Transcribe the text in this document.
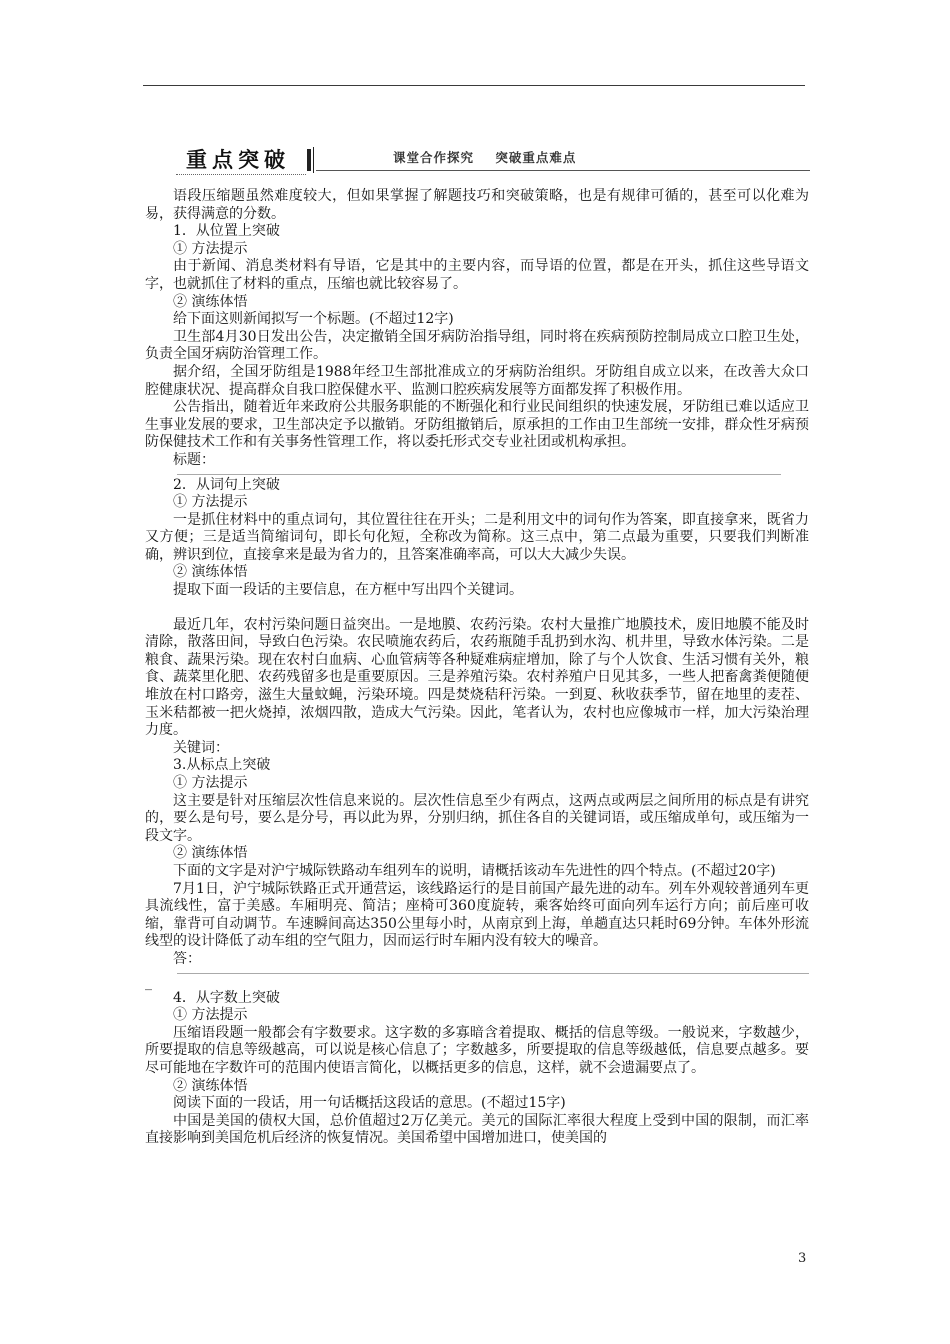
重点突破	课堂合作探究    突破重点难点

语段压缩题虽然难度较大，但如果掌握了解题技巧和突破策略，也是有规律可循的，甚至可以化难为易，获得满意的分数。

1．从位置上突破

① 方法提示

由于新闻、消息类材料有导语，它是其中的主要内容，而导语的位置，都是在开头，抓住这些导语文字，也就抓住了材料的重点，压缩也就比较容易了。

② 演练体悟

给下面这则新闻拟写一个标题。(不超过12字)

卫生部4月30日发出公告，决定撤销全国牙病防治指导组，同时将在疾病预防控制局成立口腔卫生处，负责全国牙病防治管理工作。

据介绍，全国牙防组是1988年经卫生部批准成立的牙病防治组织。牙防组自成立以来，在改善大众口腔健康状况、提高群众自我口腔保健水平、监测口腔疾病发展等方面都发挥了积极作用。

公告指出，随着近年来政府公共服务职能的不断强化和行业民间组织的快速发展，牙防组已难以适应卫生事业发展的要求，卫生部决定予以撤销。牙防组撤销后，原承担的工作由卫生部统一安排，群众性牙病预防保健技术工作和有关事务性管理工作，将以委托形式交专业社团或机构承担。

标题：

2．从词句上突破

① 方法提示

一是抓住材料中的重点词句，其位置往往在开头；二是利用文中的词句作为答案，即直接拿来，既省力又方便；三是适当简缩词句，即长句化短，全称改为简称。这三点中，第二点最为重要，只要我们判断准确，辨识到位，直接拿来是最为省力的，且答案准确率高，可以大大减少失误。

② 演练体悟

提取下面一段话的主要信息，在方框中写出四个关键词。

最近几年，农村污染问题日益突出。一是地膜、农药污染。农村大量推广地膜技术，废旧地膜不能及时清除，散落田间，导致白色污染。农民喷施农药后，农药瓶随手乱扔到水沟、机井里，导致水体污染。二是粮食、蔬果污染。现在农村白血病、心血管病等各种疑难病症增加，除了与个人饮食、生活习惯有关外，粮食、蔬菜里化肥、农药残留多也是重要原因。三是养殖污染。农村养殖户日见其多，一些人把畜禽粪便随便堆放在村口路旁，滋生大量蚊蝇，污染环境。四是焚烧秸秆污染。一到夏、秋收获季节，留在地里的麦茬、玉米秸都被一把火烧掉，浓烟四散，造成大气污染。因此，笔者认为，农村也应像城市一样，加大污染治理力度。

关键词：

3.从标点上突破

① 方法提示

这主要是针对压缩层次性信息来说的。层次性信息至少有两点，这两点或两层之间所用的标点是有讲究的，要么是句号，要么是分号，再以此为界，分别归纳，抓住各自的关键词语，或压缩成单句，或压缩为一段文字。

② 演练体悟

下面的文字是对沪宁城际铁路动车组列车的说明，请概括该动车先进性的四个特点。(不超过20字)

7月1日，沪宁城际铁路正式开通营运，该线路运行的是目前国产最先进的动车。列车外观较普通列车更具流线性，富于美感。车厢明亮、简洁；座椅可360度旋转，乘客始终可面向列车运行方向；前后座可收缩，靠背可自动调节。车速瞬间高达350公里每小时，从南京到上海，单趟直达只耗时69分钟。车体外形流线型的设计降低了动车组的空气阻力，因而运行时车厢内没有较大的噪音。

答：

_

4．从字数上突破

① 方法提示

压缩语段题一般都会有字数要求。这字数的多寡暗含着提取、概括的信息等级。一般说来，字数越少，所要提取的信息等级越高，可以说是核心信息了；字数越多，所要提取的信息等级越低，信息要点越多。要尽可能地在字数许可的范围内使语言简化，以概括更多的信息，这样，就不会遗漏要点了。

② 演练体悟

阅读下面的一段话，用一句话概括这段话的意思。(不超过15字)

中国是美国的债权大国，总价值超过2万亿美元。美元的国际汇率很大程度上受到中国的限制，而汇率直接影响到美国危机后经济的恢复情况。美国希望中国增加进口，使美国的

3
